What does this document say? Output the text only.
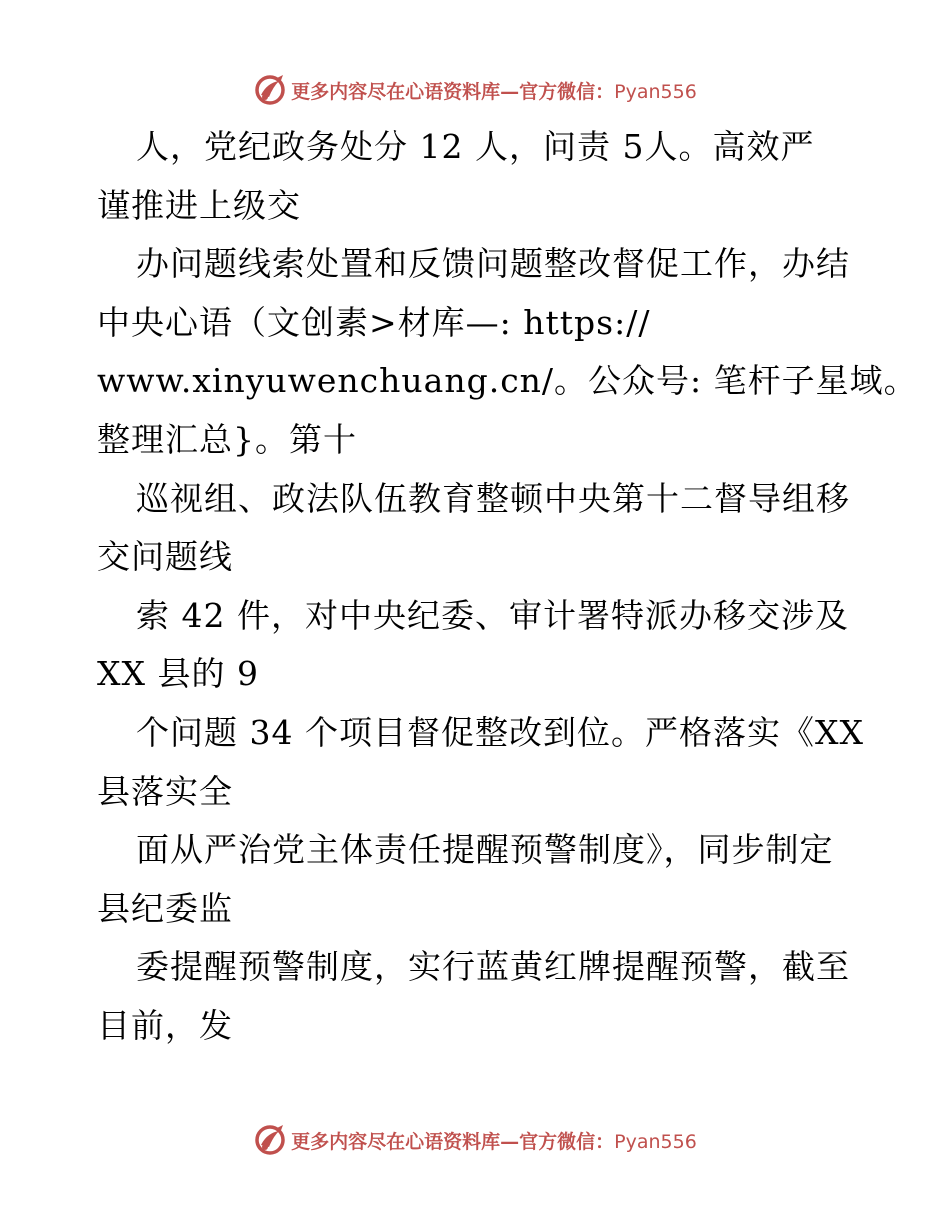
更多内容尽在心语资料库—官方微信：Pyan556
人，党纪政务处分 12 人，问责 5人。高效严
谨推进上级交
办问题线索处置和反馈问题整改督促工作，办结
中央心语（文创素>材库—: https://
www.xinyuwenchuang.cn/。公众号: 笔杆子星域。
整理汇总}。第十
巡视组、政法队伍教育整顿中央第十二督导组移
交问题线
索 42 件，对中央纪委、审计署特派办移交涉及
XX 县的 9
个问题 34 个项目督促整改到位。严格落实《XX
县落实全
面从严治党主体责任提醒预警制度》，同步制定
县纪委监
委提醒预警制度，实行蓝黄红牌提醒预警，截至
目前，发
更多内容尽在心语资料库—官方微信：Pyan556
